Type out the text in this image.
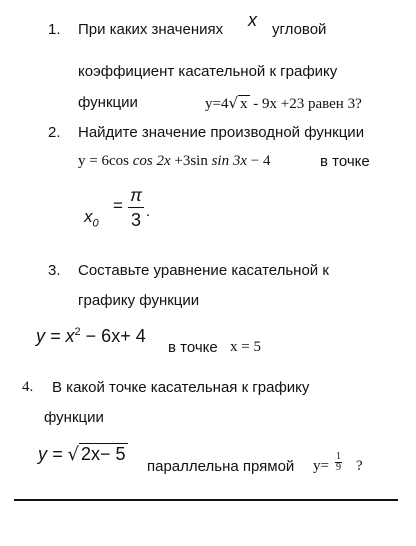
1. При каких значениях x угловой
коэффициент касательной к графику
функции	y=4√ x - 9x +23 равен 3?
2. Найдите значение производной функции
y = 6cos cos 2x +3sin sin 3x − 4	в точке
$x_0$
= $\frac{\pi}{3}$ .
3. Составьте уравнение касательной к
графику функции
$y = x^2 - 6x+ 4$
в точке x = 5
4. В какой точке касательная к графику
функции
y = √ 2x− 5
параллельна прямой $y= \frac{1}{9}$ ?
